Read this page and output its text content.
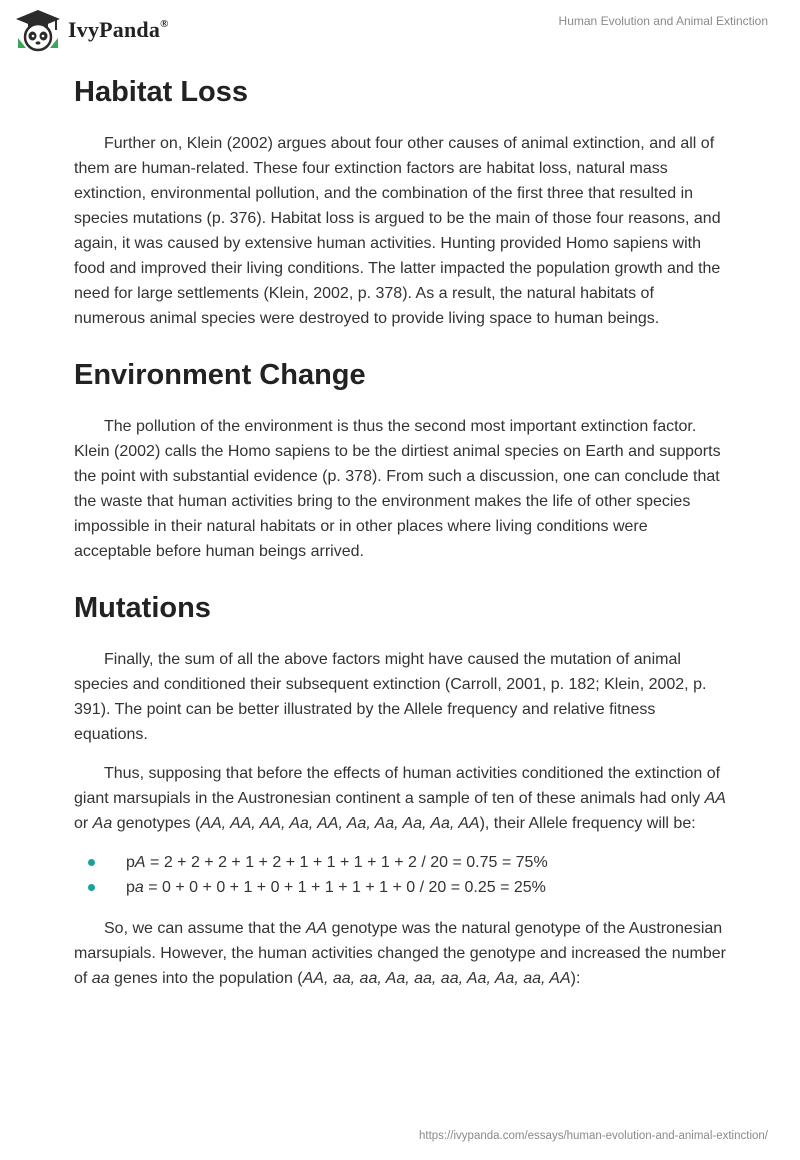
IvyPanda®	Human Evolution and Animal Extinction
Habitat Loss

Further on, Klein (2002) argues about four other causes of animal extinction, and all of them are human-related. These four extinction factors are habitat loss, natural mass extinction, environmental pollution, and the combination of the first three that resulted in species mutations (p. 376). Habitat loss is argued to be the main of those four reasons, and again, it was caused by extensive human activities. Hunting provided Homo sapiens with food and improved their living conditions. The latter impacted the population growth and the need for large settlements (Klein, 2002, p. 378). As a result, the natural habitats of numerous animal species were destroyed to provide living space to human beings.

Environment Change

The pollution of the environment is thus the second most important extinction factor. Klein (2002) calls the Homo sapiens to be the dirtiest animal species on Earth and supports the point with substantial evidence (p. 378). From such a discussion, one can conclude that the waste that human activities bring to the environment makes the life of other species impossible in their natural habitats or in other places where living conditions were acceptable before human beings arrived.

Mutations

Finally, the sum of all the above factors might have caused the mutation of animal species and conditioned their subsequent extinction (Carroll, 2001, p. 182; Klein, 2002, p. 391). The point can be better illustrated by the Allele frequency and relative fitness equations.

Thus, supposing that before the effects of human activities conditioned the extinction of giant marsupials in the Austronesian continent a sample of ten of these animals had only AA or Aa genotypes (AA, AA, AA, Aa, AA, Aa, Aa, Aa, Aa, AA), their Allele frequency will be:

pA = 2 + 2 + 2 + 1 + 2 + 1 + 1 + 1 + 1 + 2 / 20 = 0.75 = 75%
pa = 0 + 0 + 0 + 1 + 0 + 1 + 1 + 1 + 1 + 0 / 20 = 0.25 = 25%

So, we can assume that the AA genotype was the natural genotype of the Austronesian marsupials. However, the human activities changed the genotype and increased the number of aa genes into the population (AA, aa, aa, Aa, aa, aa, Aa, Aa, aa, AA):

https://ivypanda.com/essays/human-evolution-and-animal-extinction/
